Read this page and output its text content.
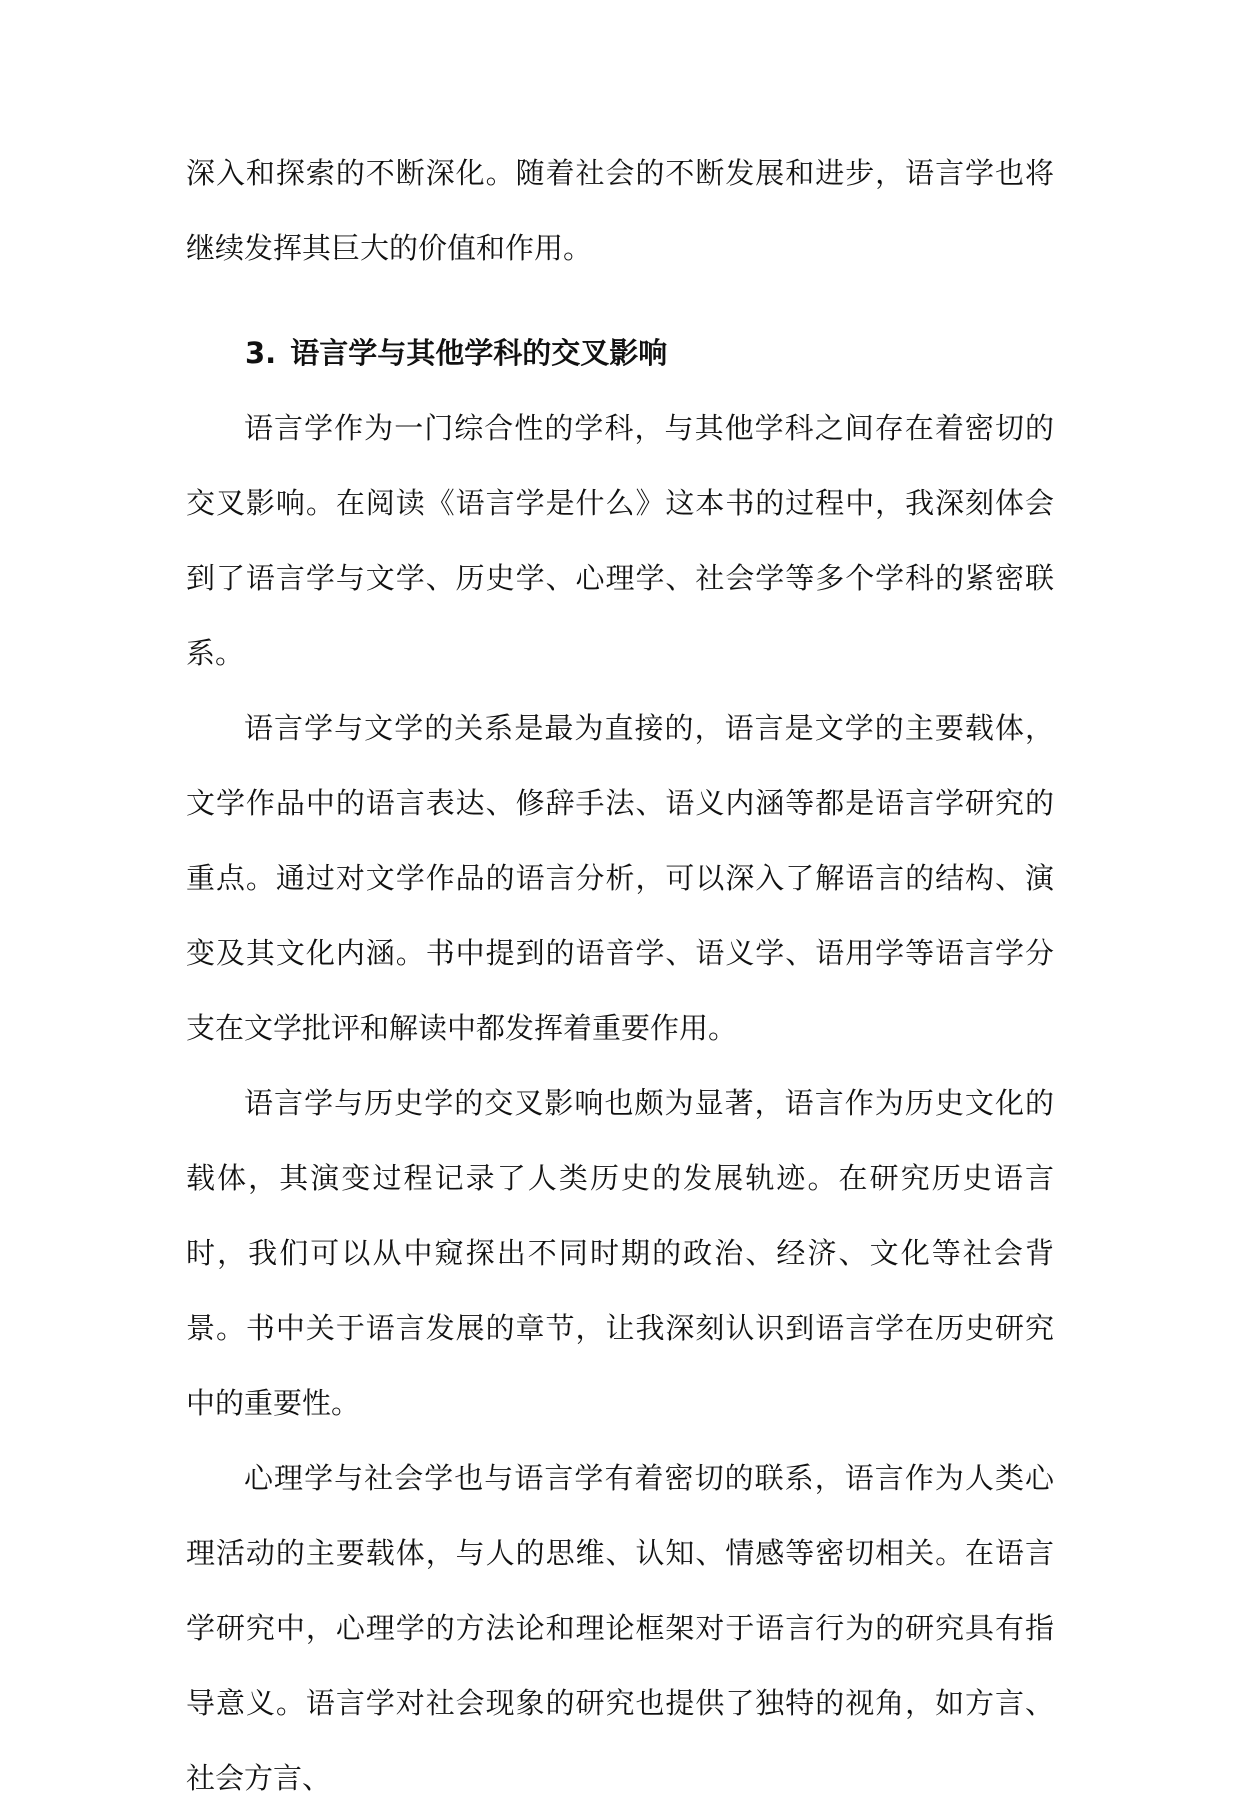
深入和探索的不断深化。随着社会的不断发展和进步，语言学也将继续发挥其巨大的价值和作用。

3. 语言学与其他学科的交叉影响

语言学作为一门综合性的学科，与其他学科之间存在着密切的交叉影响。在阅读《语言学是什么》这本书的过程中，我深刻体会到了语言学与文学、历史学、心理学、社会学等多个学科的紧密联系。

语言学与文学的关系是最为直接的，语言是文学的主要载体，文学作品中的语言表达、修辞手法、语义内涵等都是语言学研究的重点。通过对文学作品的语言分析，可以深入了解语言的结构、演变及其文化内涵。书中提到的语音学、语义学、语用学等语言学分支在文学批评和解读中都发挥着重要作用。

语言学与历史学的交叉影响也颇为显著，语言作为历史文化的载体，其演变过程记录了人类历史的发展轨迹。在研究历史语言时，我们可以从中窥探出不同时期的政治、经济、文化等社会背景。书中关于语言发展的章节，让我深刻认识到语言学在历史研究中的重要性。

心理学与社会学也与语言学有着密切的联系，语言作为人类心理活动的主要载体，与人的思维、认知、情感等密切相关。在语言学研究中，心理学的方法论和理论框架对于语言行为的研究具有指导意义。语言学对社会现象的研究也提供了独特的视角，如方言、社会方言、
